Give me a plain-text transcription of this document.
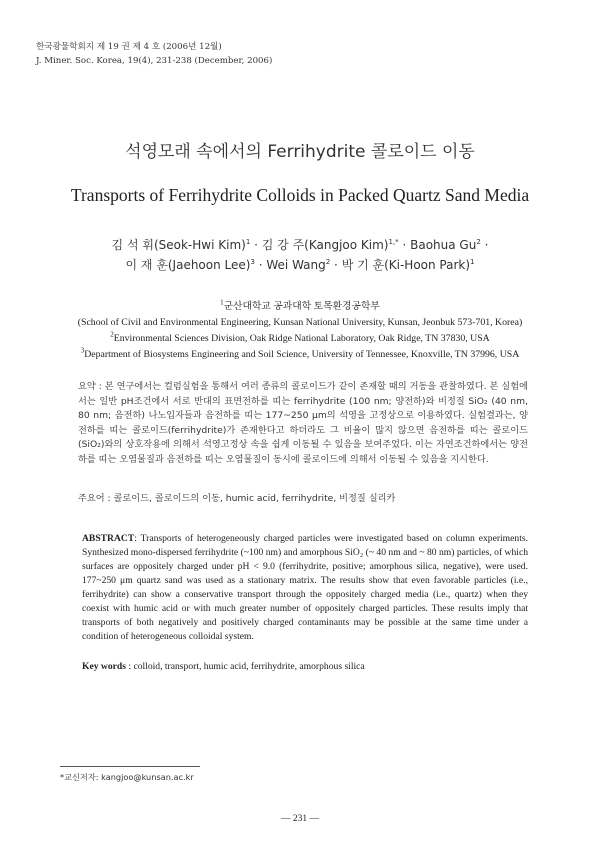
한국광물학회지 제 19 권 제 4 호 (2006년 12월)
J. Miner. Soc. Korea, 19(4), 231-238 (December, 2006)
석영모래 속에서의 Ferrihydrite 콜로이드 이동
Transports of Ferrihydrite Colloids in Packed Quartz Sand Media
김 석 휘(Seok-Hwi Kim)$^1$ · 김 강 주(Kangjoo Kim)$^{1,*}$ · Baohua $Gu^2$ ·
이 재 훈(Jaehoon Lee)$^3$ · Wei Wang$^2$ · 박 기 훈(Ki-Hoon Park)$^1$
$^1$군산대학교 공과대학 토목환경공학부
(School of Civil and Environmental Engineering, Kunsan National University, Kunsan, Jeonbuk 573-701, Korea)
$^2$Environmental Sciences Division, Oak Ridge National Laboratory, Oak Ridge, TN 37830, USA
$^3$Department of Biosystems Engineering and Soil Science, University of Tennessee, Knoxville, TN 37996, USA
요약 : 본 연구에서는 컬럼실험을 통해서 여러 종류의 콜로이드가 같이 존재할 때의 거동을 관찰하였다. 본 실험에서는 일반 pH조건에서 서로 반대의 표면전하를 띠는 ferrihydrite (100 nm; 양전하)와 비정질 SiO₂ (40 nm, 80 nm; 음전하) 나노입자들과 음전하를 띠는 177~250 μm의 석영을 고정상으로 이용하였다. 실험결과는, 양전하를 띠는 콜로이드(ferrihydrite)가 존재한다고 하더라도 그 비율이 많지 않으면 음전하를 띠는 콜로이드(SiO₂)와의 상호작용에 의해서 석영고정상 속을 쉽게 이동될 수 있음을 보여주었다. 이는 자연조건하에서는 양전하를 띠는 오염물질과 음전하를 띠는 오염물질이 동시에 콜로이드에 의해서 이동될 수 있음을 지시한다.
주요어 : 콜로이드, 콜로이드의 이동, humic acid, ferrihydrite, 비정질 실리카
ABSTRACT: Transports of heterogeneously charged particles were investigated based on column experiments. Synthesized mono-dispersed ferrihydrite (~100 nm) and amorphous SiO₂ (~ 40 nm and ~ 80 nm) particles, of which surfaces are oppositely charged under pH < 9.0 (ferrihydrite, positive; amorphous silica, negative), were used. 177~250 μm quartz sand was used as a stationary matrix. The results show that even favorable particles (i.e., ferrihydrite) can show a conservative transport through the oppositely charged media (i.e., quartz) when they coexist with humic acid or with much greater number of oppositely charged particles. These results imply that transports of both negatively and positively charged contaminants may be possible at the same time under a condition of heterogeneous colloidal system.
Key words : colloid, transport, humic acid, ferrihydrite, amorphous silica
*교신저자: kangjoo@kunsan.ac.kr
— 231 —
